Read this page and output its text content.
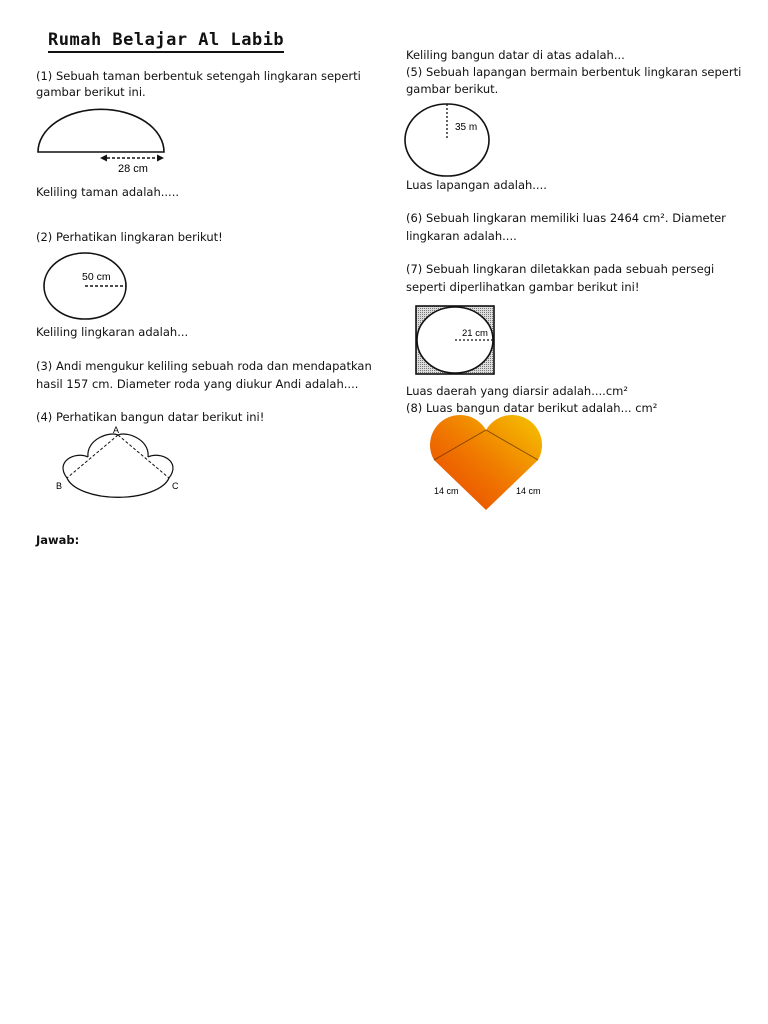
Rumah Belajar Al Labib
(1) Sebuah taman berbentuk setengah lingkaran seperti
gambar berikut ini.
28 cm
Keliling taman adalah.....
(2) Perhatikan lingkaran berikut!
50 cm
Keliling lingkaran adalah...
(3) Andi mengukur keliling sebuah roda dan mendapatkan
hasil 157 cm. Diameter roda yang diukur Andi adalah....
(4) Perhatikan bangun datar berikut ini!
A
B	C
Jawab:
Keliling bangun datar di atas adalah...
(5) Sebuah lapangan bermain berbentuk lingkaran seperti
gambar berikut.
35 m
Luas lapangan adalah....
(6) Sebuah lingkaran memiliki luas 2464 cm². Diameter
lingkaran adalah....
(7) Sebuah lingkaran diletakkan pada sebuah persegi
seperti diperlihatkan gambar berikut ini!
21 cm
Luas daerah yang diarsir adalah....cm²
(8) Luas bangun datar berikut adalah... cm²
14 cm	14 cm
